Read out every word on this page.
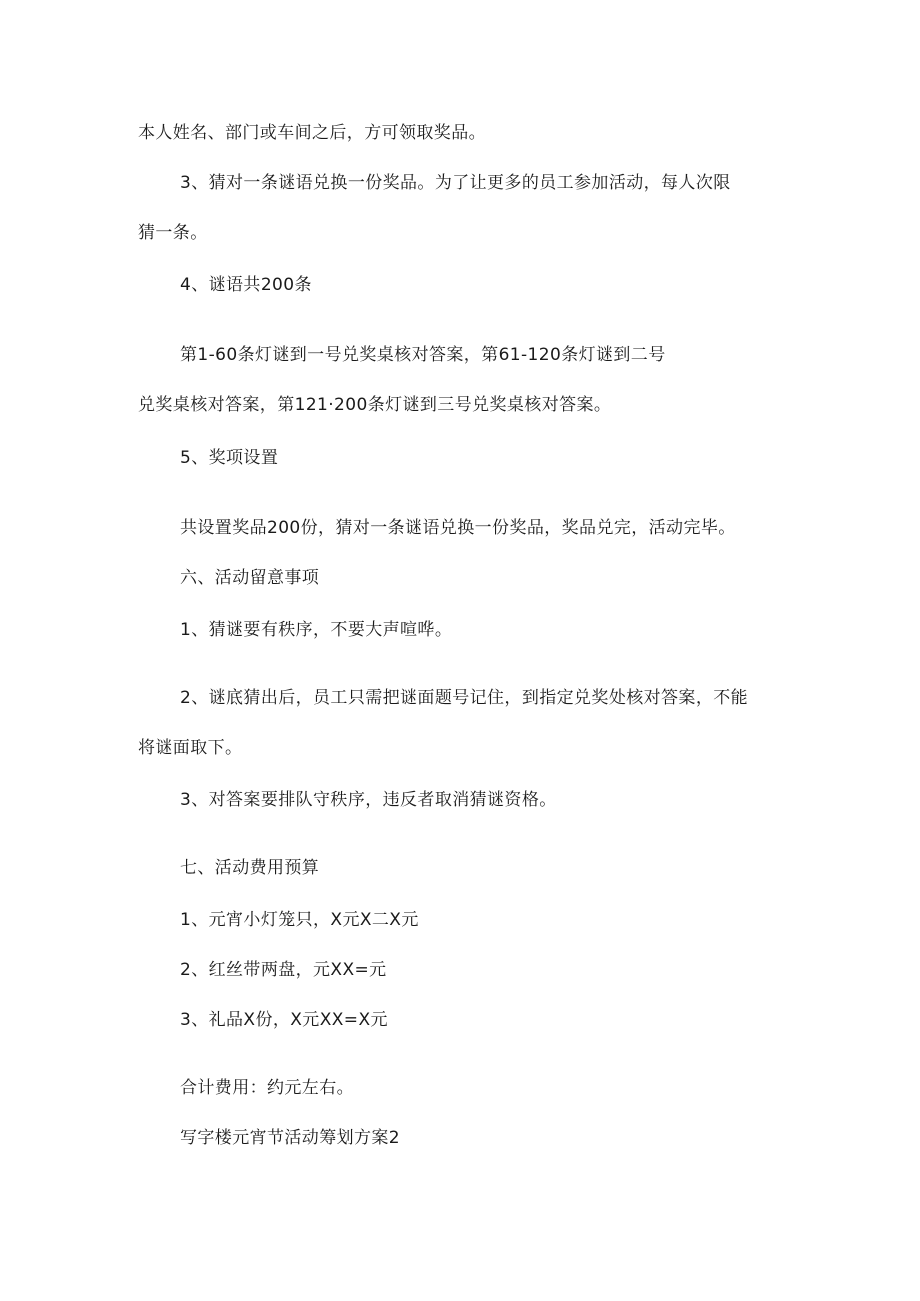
本人姓名、部门或车间之后，方可领取奖品。
3、猜对一条谜语兑换一份奖品。为了让更多的员工参加活动，每人次限
猜一条。
4、谜语共200条
第1-60条灯谜到一号兑奖桌核对答案，第61-120条灯谜到二号
兑奖桌核对答案，第121·200条灯谜到三号兑奖桌核对答案。
5、奖项设置
共设置奖品200份，猜对一条谜语兑换一份奖品，奖品兑完，活动完毕。
六、活动留意事项
1、猜谜要有秩序，不要大声喧哗。
2、谜底猜出后，员工只需把谜面题号记住，到指定兑奖处核对答案，不能
将谜面取下。
3、对答案要排队守秩序，违反者取消猜谜资格。
七、活动费用预算
1、元宵小灯笼只，X元X二X元
2、红丝带两盘，元XX=元
3、礼品X份，X元XX=X元
合计费用：约元左右。
写字楼元宵节活动筹划方案2
